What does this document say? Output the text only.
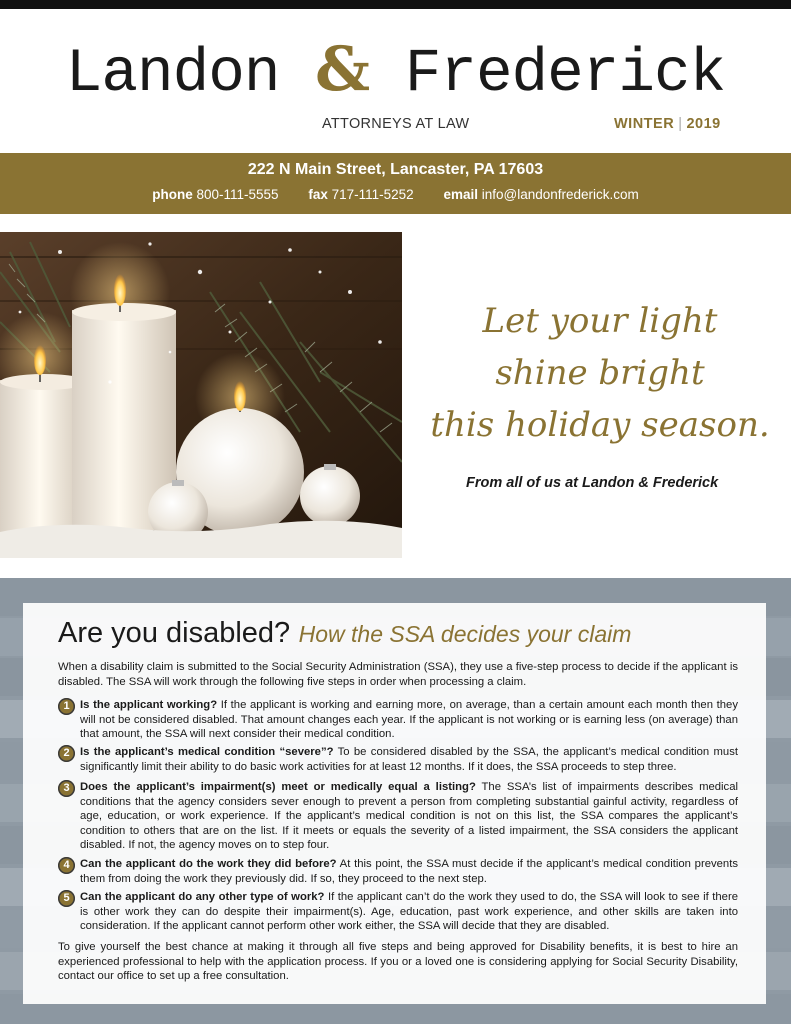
Landon & Frederick
ATTORNEYS AT LAW	WINTER | 2019
222 N Main Street, Lancaster, PA 17603
phone 800-111-5555 fax 717-111-5252 email info@landonfrederick.com
Let your light
shine bright
this holiday season.
From all of us at Landon & Frederick
Are you disabled? How the SSA decides your claim
When a disability claim is submitted to the Social Security Administration (SSA), they use a five-step process to decide if the applicant is disabled. The SSA will work through the following five steps in order when processing a claim.
1 Is the applicant working? If the applicant is working and earning more, on average, than a certain amount each month then they will not be considered disabled. That amount changes each year. If the applicant is not working or is earning less (on average) than that amount, the SSA will next consider their medical condition.
2 Is the applicant’s medical condition “severe”? To be considered disabled by the SSA, the applicant’s medical condition must significantly limit their ability to do basic work activities for at least 12 months. If it does, the SSA proceeds to step three.
3 Does the applicant’s impairment(s) meet or medically equal a listing? The SSA’s list of impairments describes medical conditions that the agency considers sever enough to prevent a person from completing substantial gainful activity, regardless of age, education, or work experience. If the applicant’s medical condition is not on this list, the SSA compares the applicant’s condition to others that are on the list. If it meets or equals the severity of a listed impairment, the SSA considers the applicant disabled. If not, the agency moves on to step four.
4 Can the applicant do the work they did before? At this point, the SSA must decide if the applicant’s medical condition prevents them from doing the work they previously did. If so, they proceed to the next step.
5 Can the applicant do any other type of work? If the applicant can’t do the work they used to do, the SSA will look to see if there is other work they can do despite their impairment(s). Age, education, past work experience, and other skills are taken into consideration. If the applicant cannot perform other work either, the SSA will decide that they are disabled.
To give yourself the best chance at making it through all five steps and being approved for Disability benefits, it is best to hire an experienced professional to help with the application process. If you or a loved one is considering applying for Social Security Disability, contact our office to set up a free consultation.
